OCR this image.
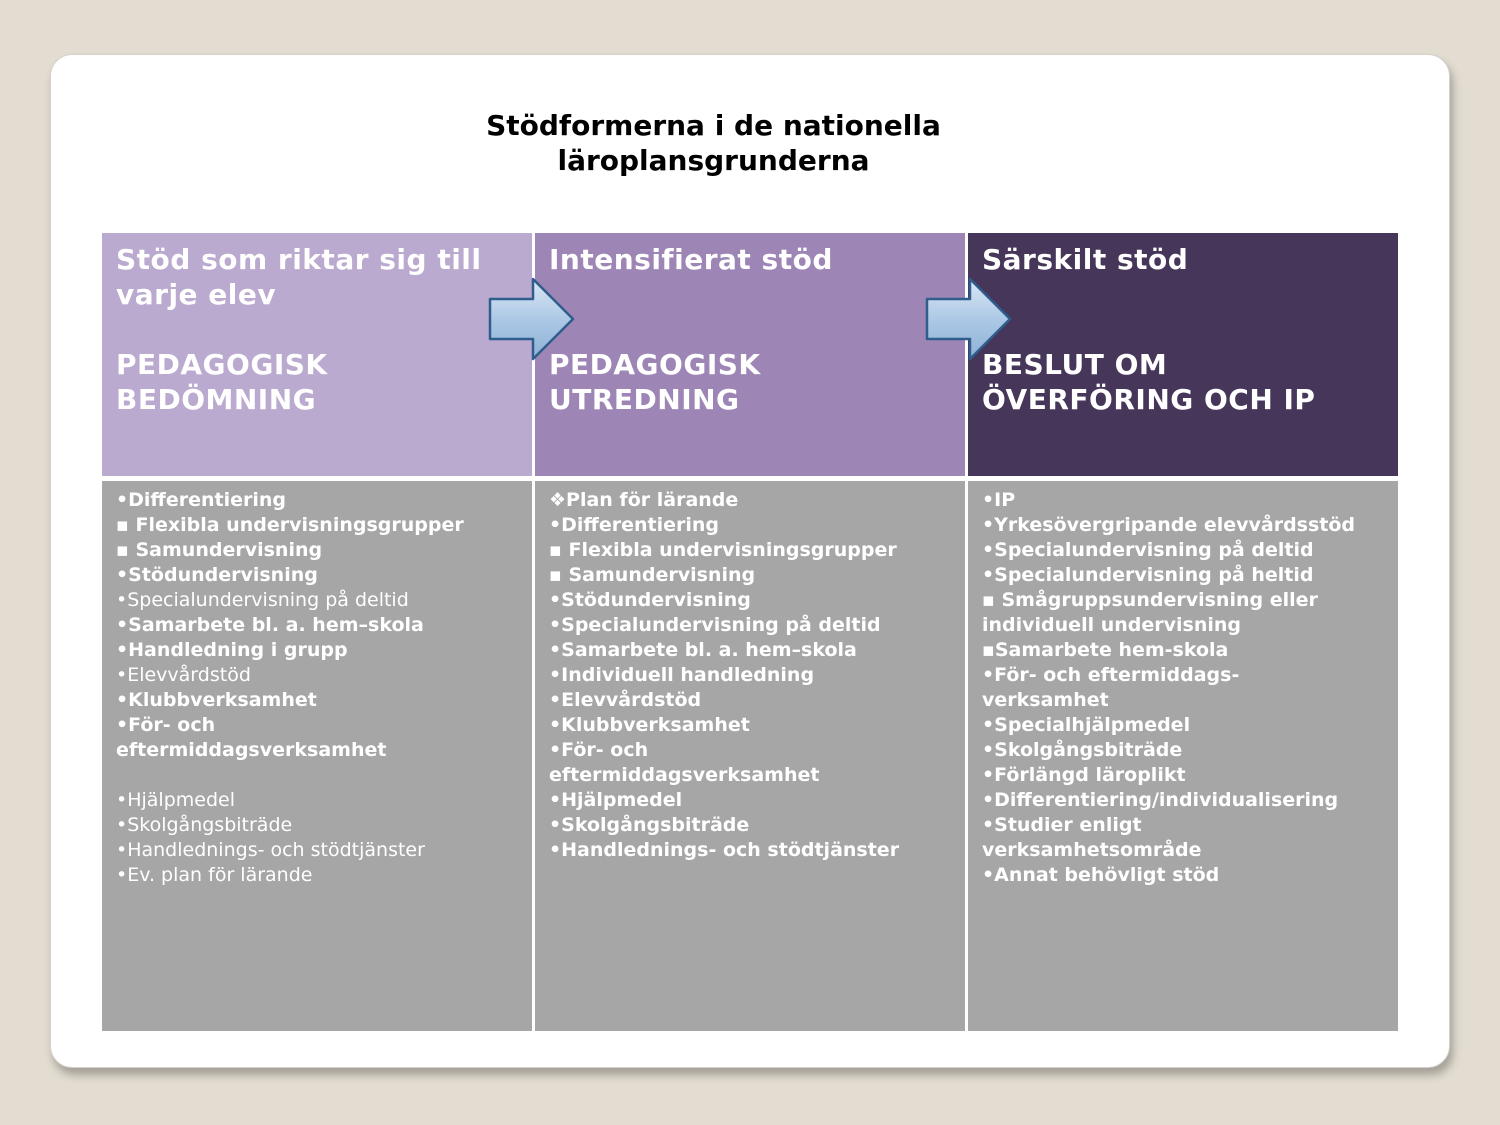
Stödformerna i de nationella
läroplansgrunderna
Stöd som riktar sig till
varje elev
PEDAGOGISK
BEDÖMNING
•Differentiering
▪ Flexibla undervisningsgrupper
▪ Samundervisning
•Stödundervisning
•Specialundervisning på deltid
•Samarbete bl. a. hem–skola
•Handledning i grupp
•Elevvårdstöd
•Klubbverksamhet
•För- och
eftermiddagsverksamhet
•Hjälpmedel
•Skolgångsbiträde
•Handlednings- och stödtjänster
•Ev. plan för lärande
Intensifierat stöd

PEDAGOGISK
UTREDNING
❖Plan för lärande
•Differentiering
▪ Flexibla undervisningsgrupper
▪ Samundervisning
•Stödundervisning
•Specialundervisning på deltid
•Samarbete bl. a. hem–skola
•Individuell handledning
•Elevvårdstöd
•Klubbverksamhet
•För- och
eftermiddagsverksamhet
•Hjälpmedel
•Skolgångsbiträde
•Handlednings- och stödtjänster
Särskilt stöd

BESLUT OM
ÖVERFÖRING OCH IP
•IP
•Yrkesövergripande elevvårdsstöd
•Specialundervisning på deltid
•Specialundervisning på heltid
▪ Smågruppsundervisning eller
individuell undervisning
▪Samarbete hem-skola
•För- och eftermiddags-
verksamhet
•Specialhjälpmedel
•Skolgångsbiträde
•Förlängd läroplikt
•Differentiering/individualisering
•Studier enligt
verksamhetsområde
•Annat behövligt stöd
